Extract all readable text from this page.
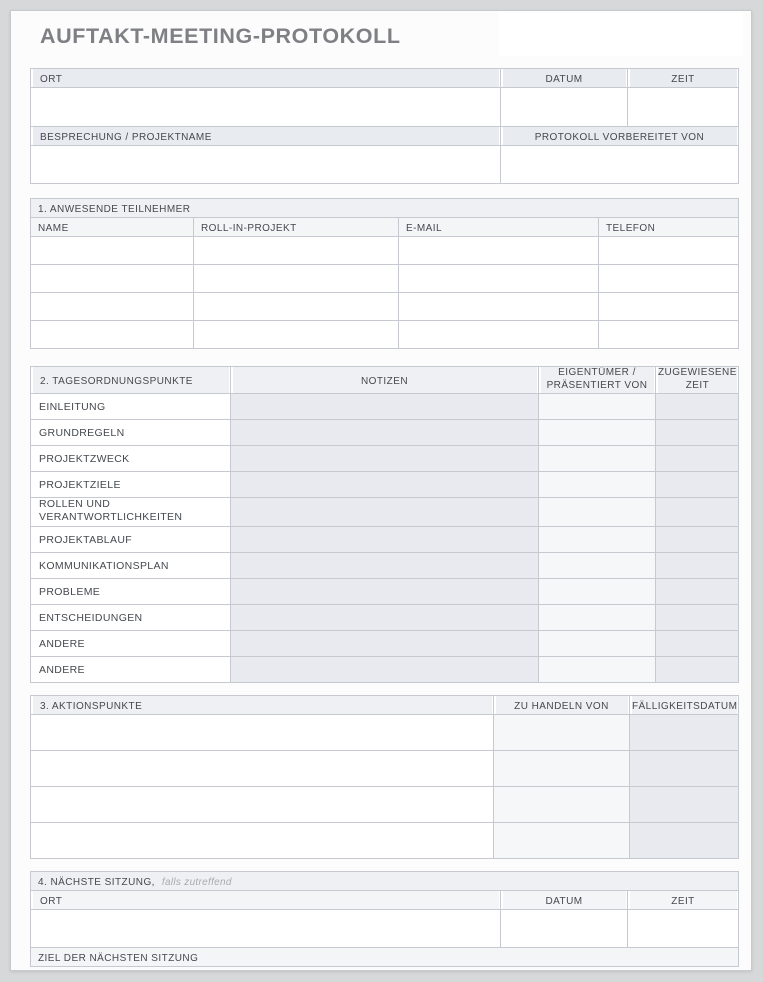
AUFTAKT-MEETING-PROTOKOLL
ORT	DATUM	ZEIT

BESPRECHUNG / PROJEKTNAME	PROTOKOLL VORBEREITET VON	

1. ANWESENDE TEILNEHMER			
NAME	ROLL-IN-PROJEKT	E-MAIL	TELEFON

2. TAGESORDNUNGSPUNKTE	NOTIZEN	EIGENTÜMER / PRÄSENTIERT VON	ZUGEWIESENE ZEIT
EINLEITUNG			
GRUNDREGELN			
PROJEKTZWECK			
PROJEKTZIELE			
ROLLEN UND VERANTWORTLICHKEITEN			
PROJEKTABLAUF			
KOMMUNIKATIONSPLAN			
PROBLEME			
ENTSCHEIDUNGEN			
ANDERE			
ANDERE			
3. AKTIONSPUNKTE	ZU HANDELN VON	FÄLLIGKEITSDATUM

4. NÄCHSTE SITZUNG, falls zutreffend		
ORT	DATUM	ZEIT

ZIEL DER NÄCHSTEN SITZUNG		
